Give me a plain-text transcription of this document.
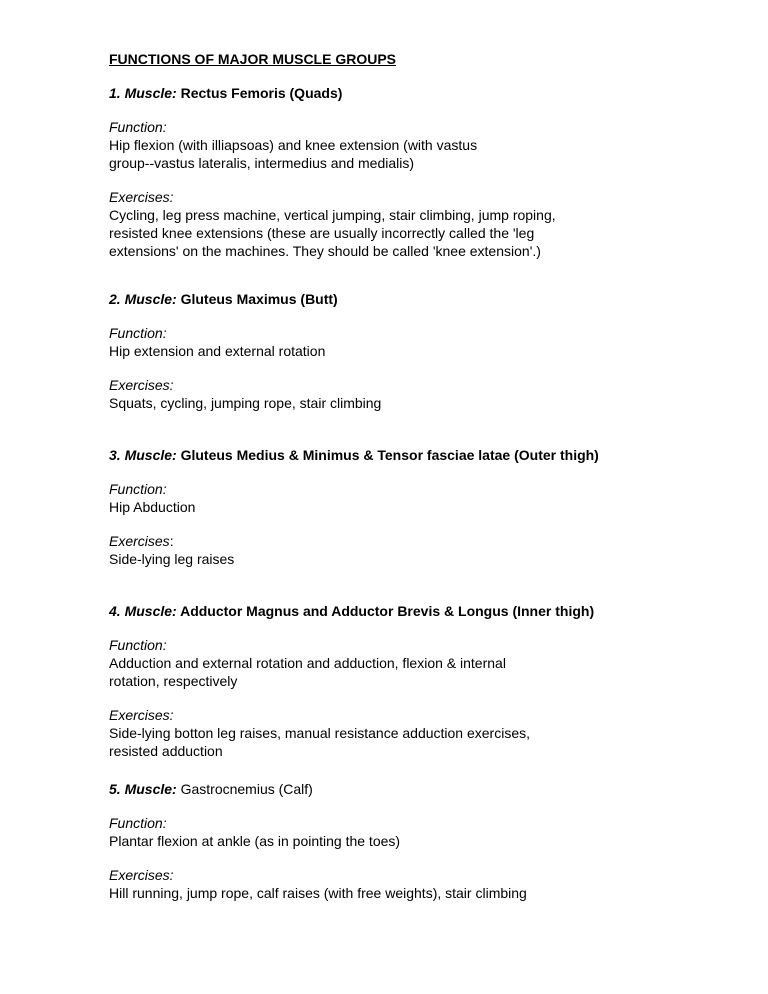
FUNCTIONS OF MAJOR MUSCLE GROUPS

1. Muscle: Rectus Femoris (Quads)

Function:

Hip flexion (with illiapsoas) and knee extension (with vastus

group--vastus lateralis, intermedius and medialis)

Exercises:

Cycling, leg press machine, vertical jumping, stair climbing, jump roping,

resisted knee extensions (these are usually incorrectly called the 'leg

extensions' on the machines. They should be called 'knee extension'.)

2. Muscle: Gluteus Maximus (Butt)

Function:

Hip extension and external rotation

Exercises:

Squats, cycling, jumping rope, stair climbing

3. Muscle: Gluteus Medius & Minimus & Tensor fasciae latae (Outer thigh)

Function:

Hip Abduction

Exercises:

Side-lying leg raises

4. Muscle: Adductor Magnus and Adductor Brevis & Longus (Inner thigh)

Function:

Adduction and external rotation and adduction, flexion & internal

rotation, respectively

Exercises:

Side-lying botton leg raises, manual resistance adduction exercises,

resisted adduction

5. Muscle: Gastrocnemius (Calf)

Function:

Plantar flexion at ankle (as in pointing the toes)

Exercises:

Hill running, jump rope, calf raises (with free weights), stair climbing
